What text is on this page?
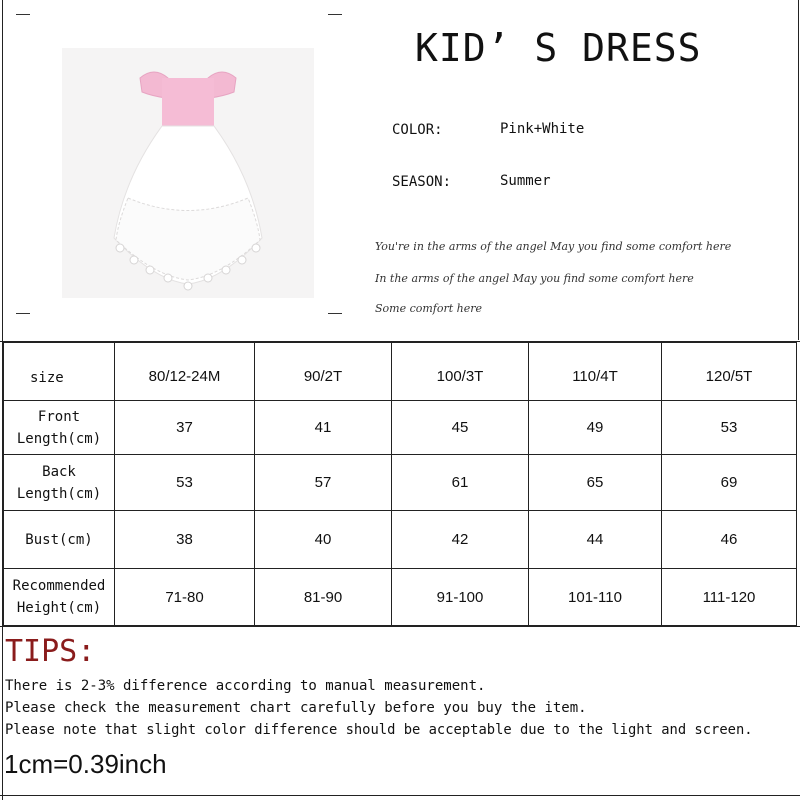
KID’ S DRESS
COLOR:	Pink+White
SEASON:	Summer
You're in the arms of the angel May you find some comfort here
In the arms of the angel May you find some comfort here
Some comfort here
size	80/12-24M	90/2T	100/3T	110/4T	120/5T

Front
Length(cm)	37	41	45	49	53

Back
Length(cm)	53	57	61	65	69

Bust(cm)	38	40	42	44	46

Recommended
Height(cm)	71-80	81-90	91-100	101-110	111-120
TIPS:
There is 2-3% difference according to manual measurement.
Please check the measurement chart carefully before you buy the item.
Please note that slight color difference should be acceptable due to the light and screen.
1cm=0.39inch
